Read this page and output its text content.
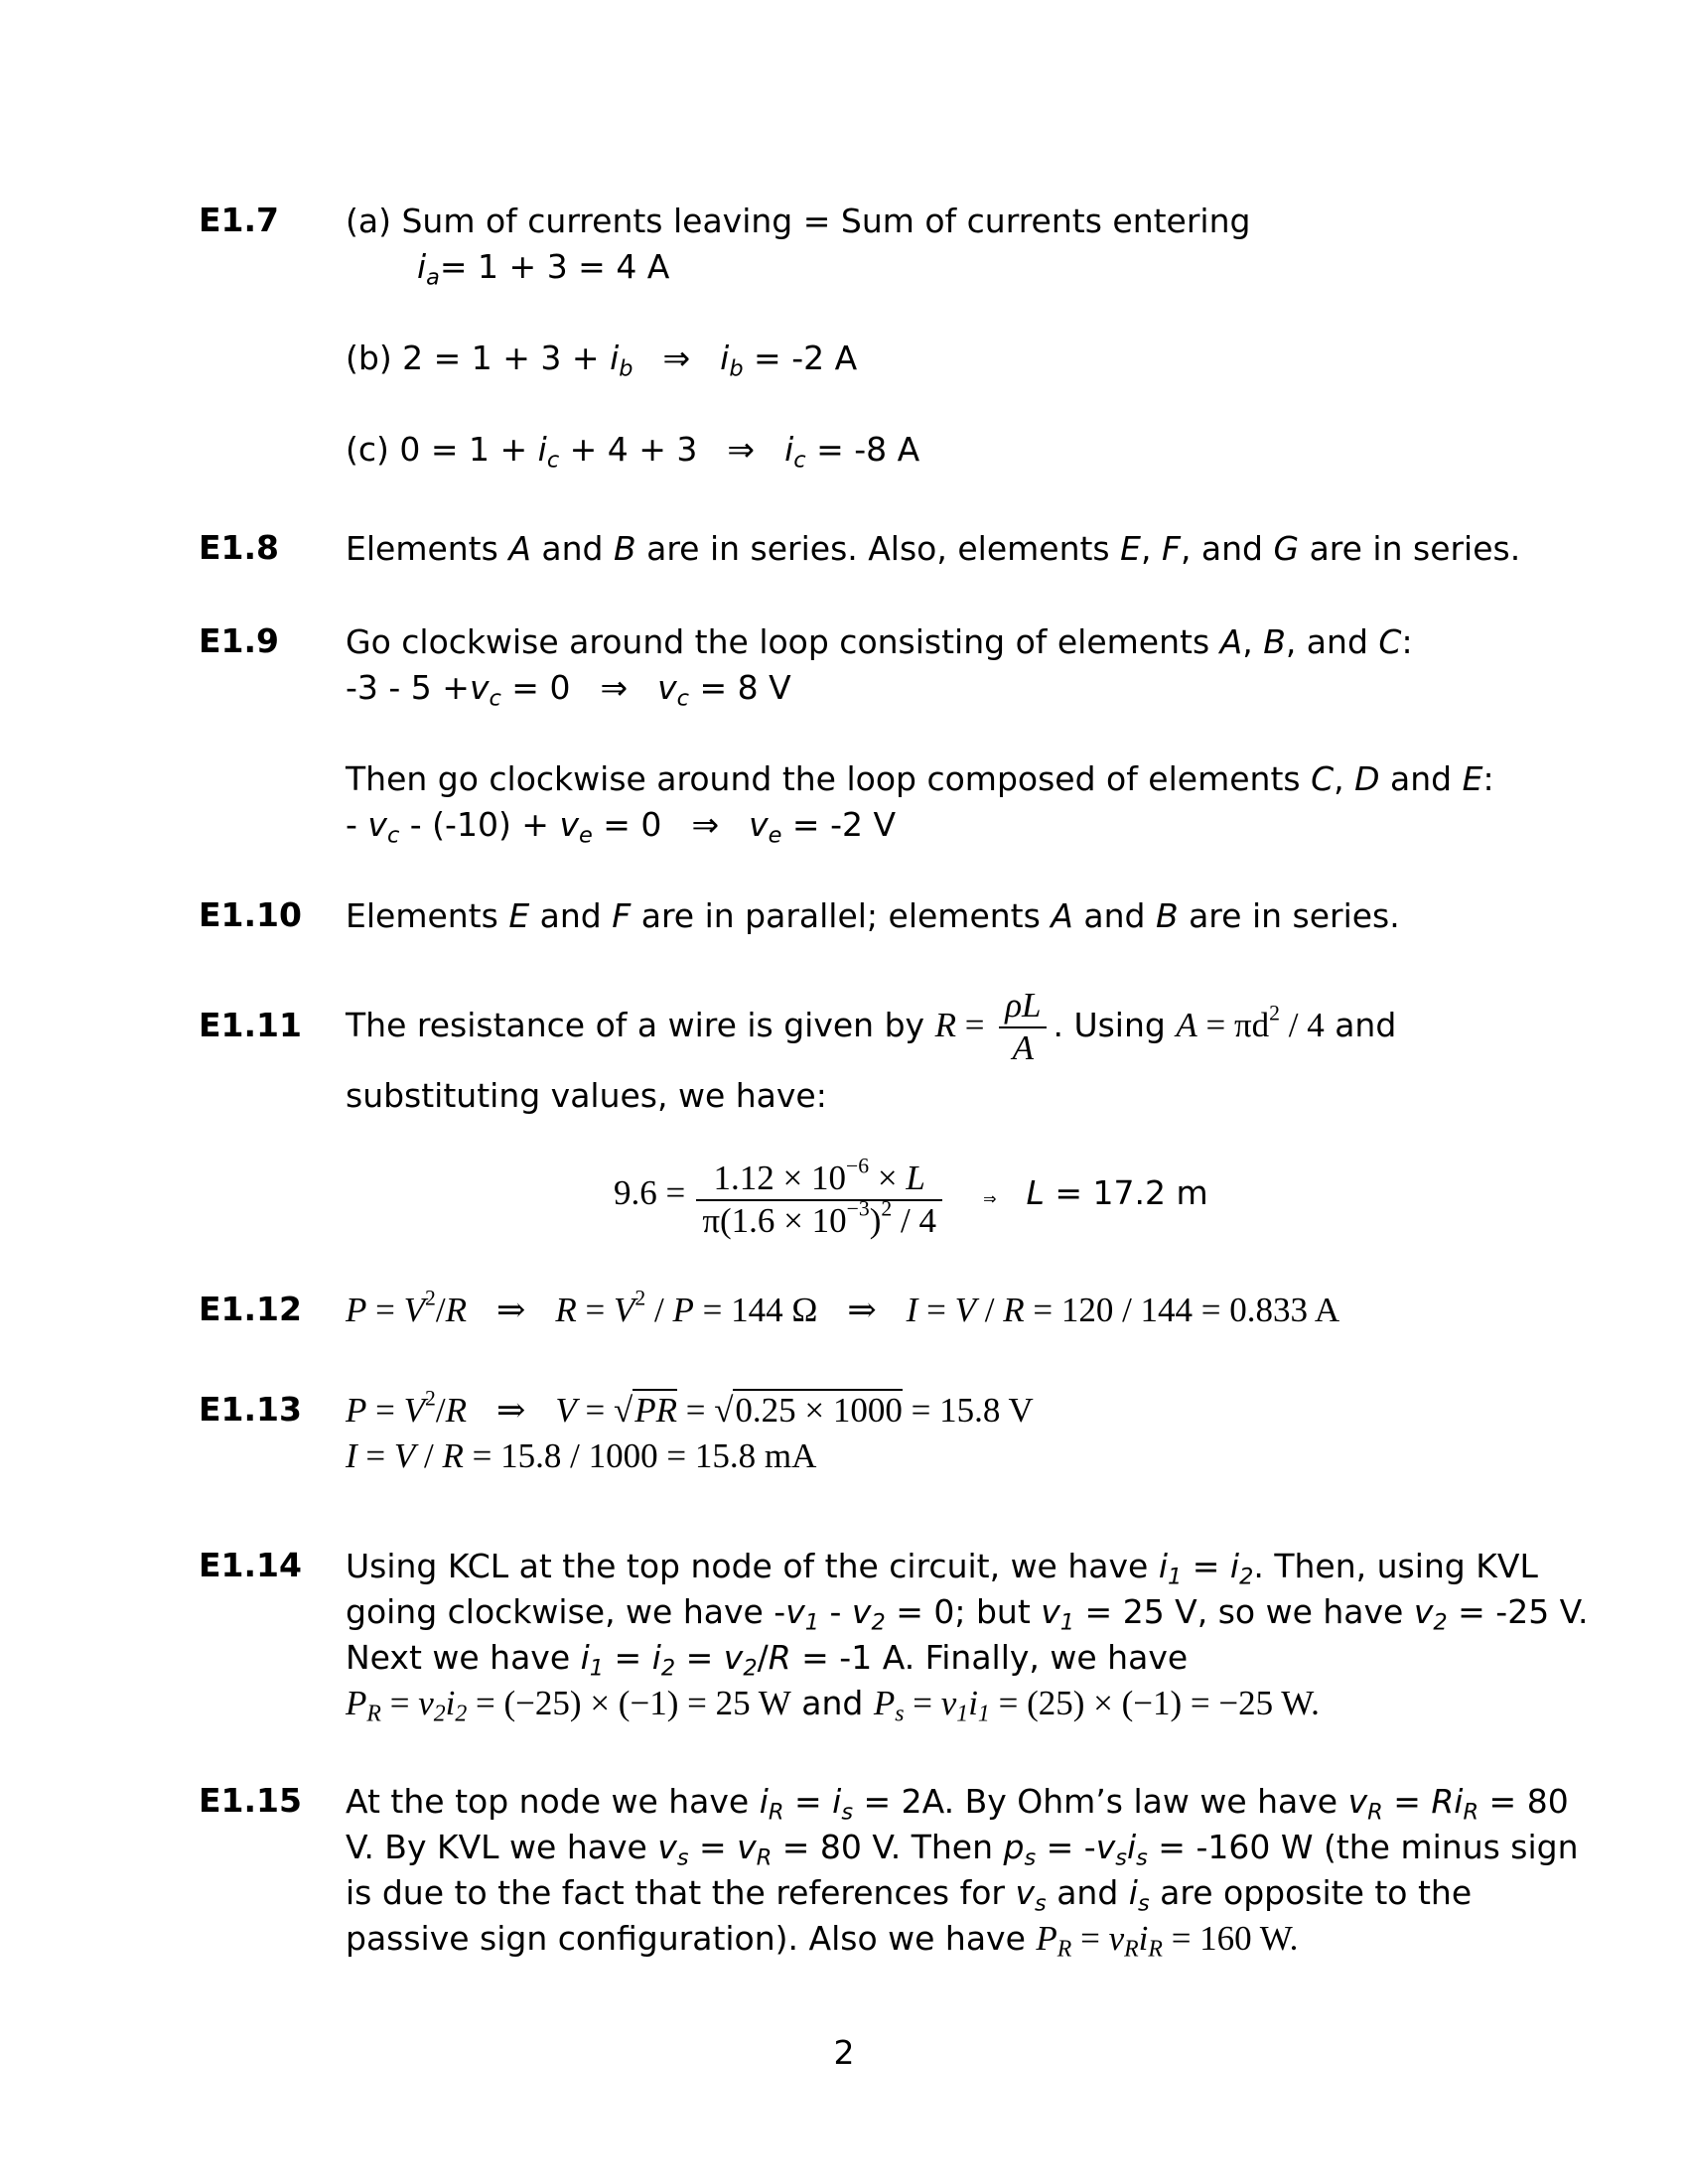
E1.7 (a) Sum of currents leaving = Sum of currents entering
$i_a= 1 + 3 = 4$ A
(b) $2 = 1 + 3 + i_b$ ⇒ $i_b = -2$ A
(c) $0 = 1 + i_c + 4 + 3$ ⇒ $i_c = -8$ A
E1.8 Elements A and B are in series. Also, elements E, F, and G are in series.
E1.9 Go clockwise around the loop consisting of elements A, B, and C:
$-3 - 5 +v_c = 0$ ⇒ $v_c = 8$ V
Then go clockwise around the loop composed of elements C, D and E:
- $v_c - (-10) + v_e = 0$ ⇒ $v_e = -2$ V
E1.10 Elements E and F are in parallel; elements A and B are in series.
E1.11 The resistance of a wire is given by $R = \frac{\rho L}{A}$ . Using $A = \pi d^2 / 4$ and
substituting values, we have:
$9.6 = \frac{1.12 \times 10^{-6} \times L}{\pi(1.6 \times 10^{-3})^2 / 4}$	⇒ L = 17.2 m
E1.12 $P = V^2/R$ ⇒ $R = V^2 / P = 144$ Ω ⇒ I = V / R = 120 / 144 = 0.833 A
E1.13 $P = V^2/R$ ⇒ V = √PR = √0.25 × 1000 = 15.8 V
I = V / R = 15.8 / 1000 = 15.8 mA
E1.14 Using KCL at the top node of the circuit, we have $i_1 = i_2$. Then, using KVL
going clockwise, we have $-v_1 - v_2 = 0$; but $v_1 = 25$ V, so we have $v_2 = -25$ V.
Next we have $i_1 = i_2 = v_2/R = -1$ A. Finally, we have
$P_R = v_2i_2 = (-25) \times (-1) = 25$ W and $P_s = v_1i_1 = (25) \times (-1) = -25$ W.
E1.15 At the top node we have $i_R = i_s = 2A$. By Ohm’s law we have $v_R = Ri_R = 80$
V. By KVL we have $v_s = v_R = 80$ V. Then $p_s = -v_si_s = -160$ W (the minus sign
is due to the fact that the references for $v_s$ and $i_s$ are opposite to the
passive sign configuration). Also we have $P_R = v_Ri_R = 160$ W.
2
